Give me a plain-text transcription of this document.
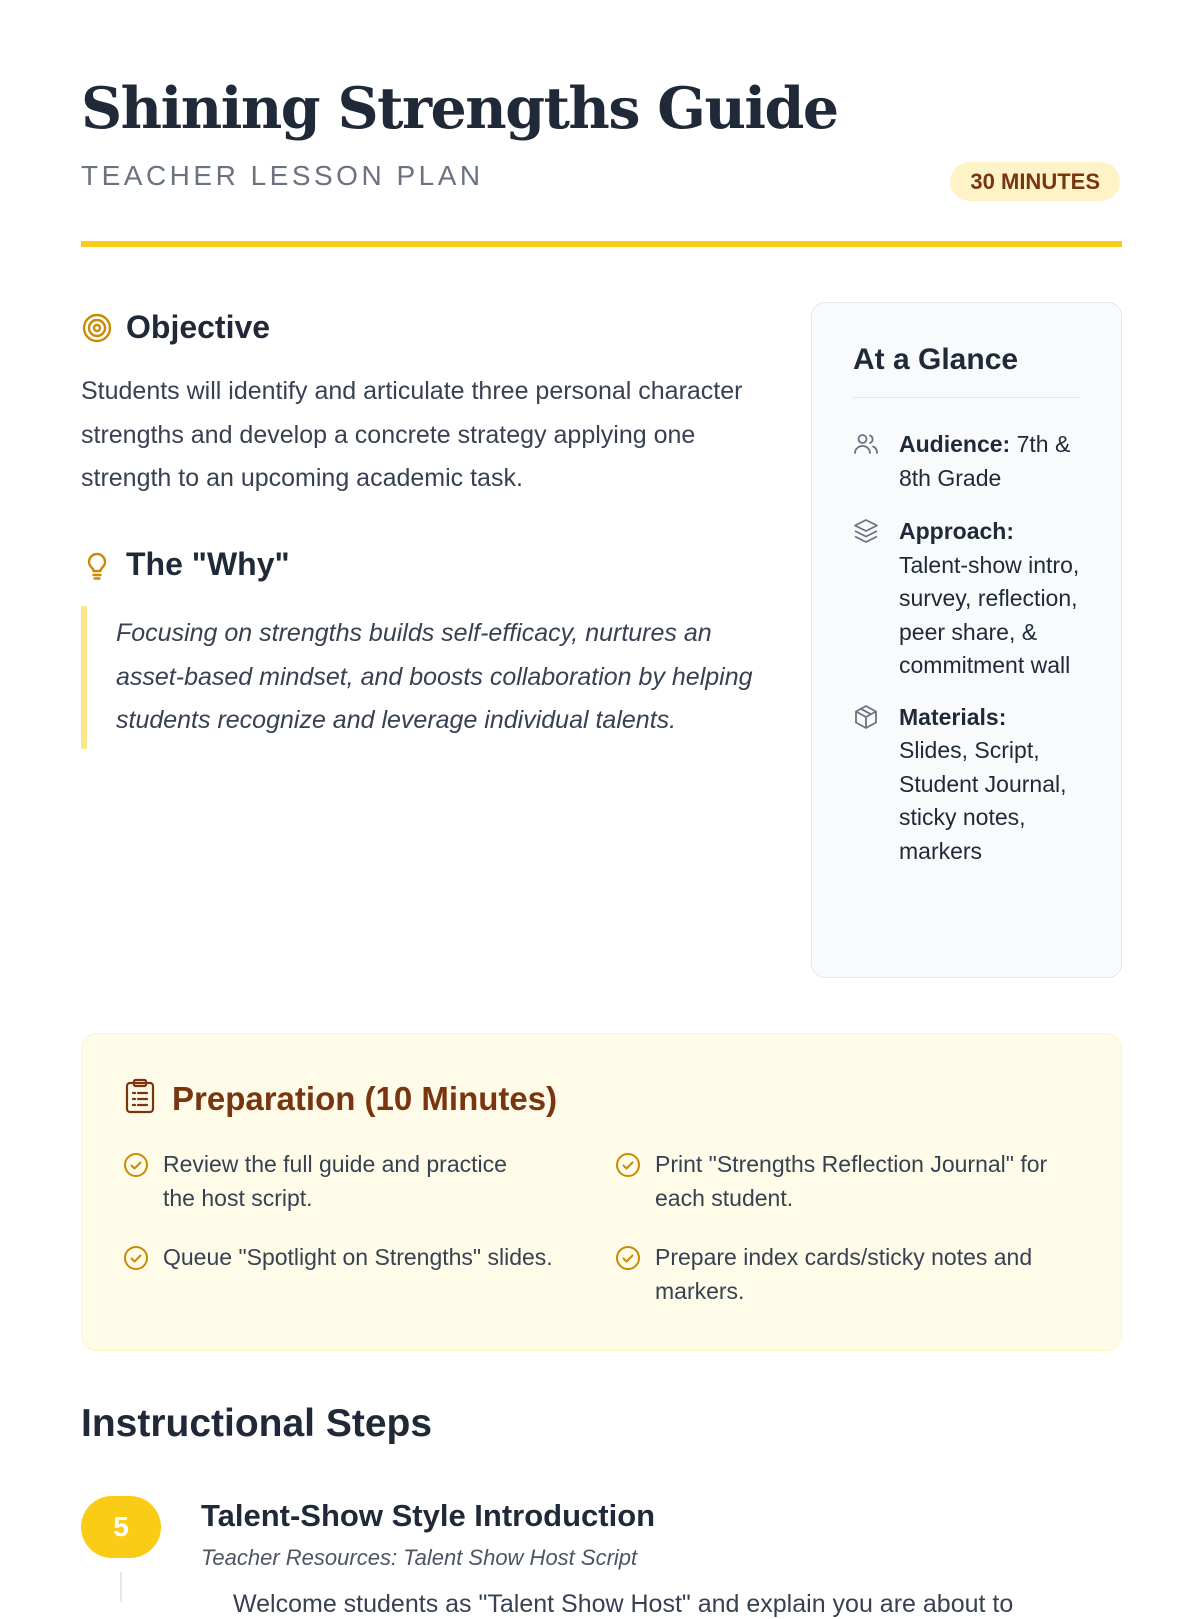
Shining Strengths Guide
TEACHER LESSON PLAN	30 MINUTES
Objective

Students will identify and articulate three personal character strengths and develop a concrete strategy applying one strength to an upcoming academic task.

The "Why"

Focusing on strengths builds self-efficacy, nurtures an asset-based mindset, and boosts collaboration by helping students recognize and leverage individual talents.

At a Glance
Audience: 7th & 8th Grade
Approach: Talent-show intro, survey, reflection, peer share, & commitment wall
Materials: Slides, Script, Student Journal, sticky notes, markers
Preparation (10 Minutes)
Review the full guide and practice the host script.
Print "Strengths Reflection Journal" for each student.
Queue "Spotlight on Strengths" slides.	Prepare index cards/sticky notes and markers.
Instructional Steps
5	Talent-Show Style Introduction
Teacher Resources: Talent Show Host Script
Welcome students as "Talent Show Host" and explain you are about to
